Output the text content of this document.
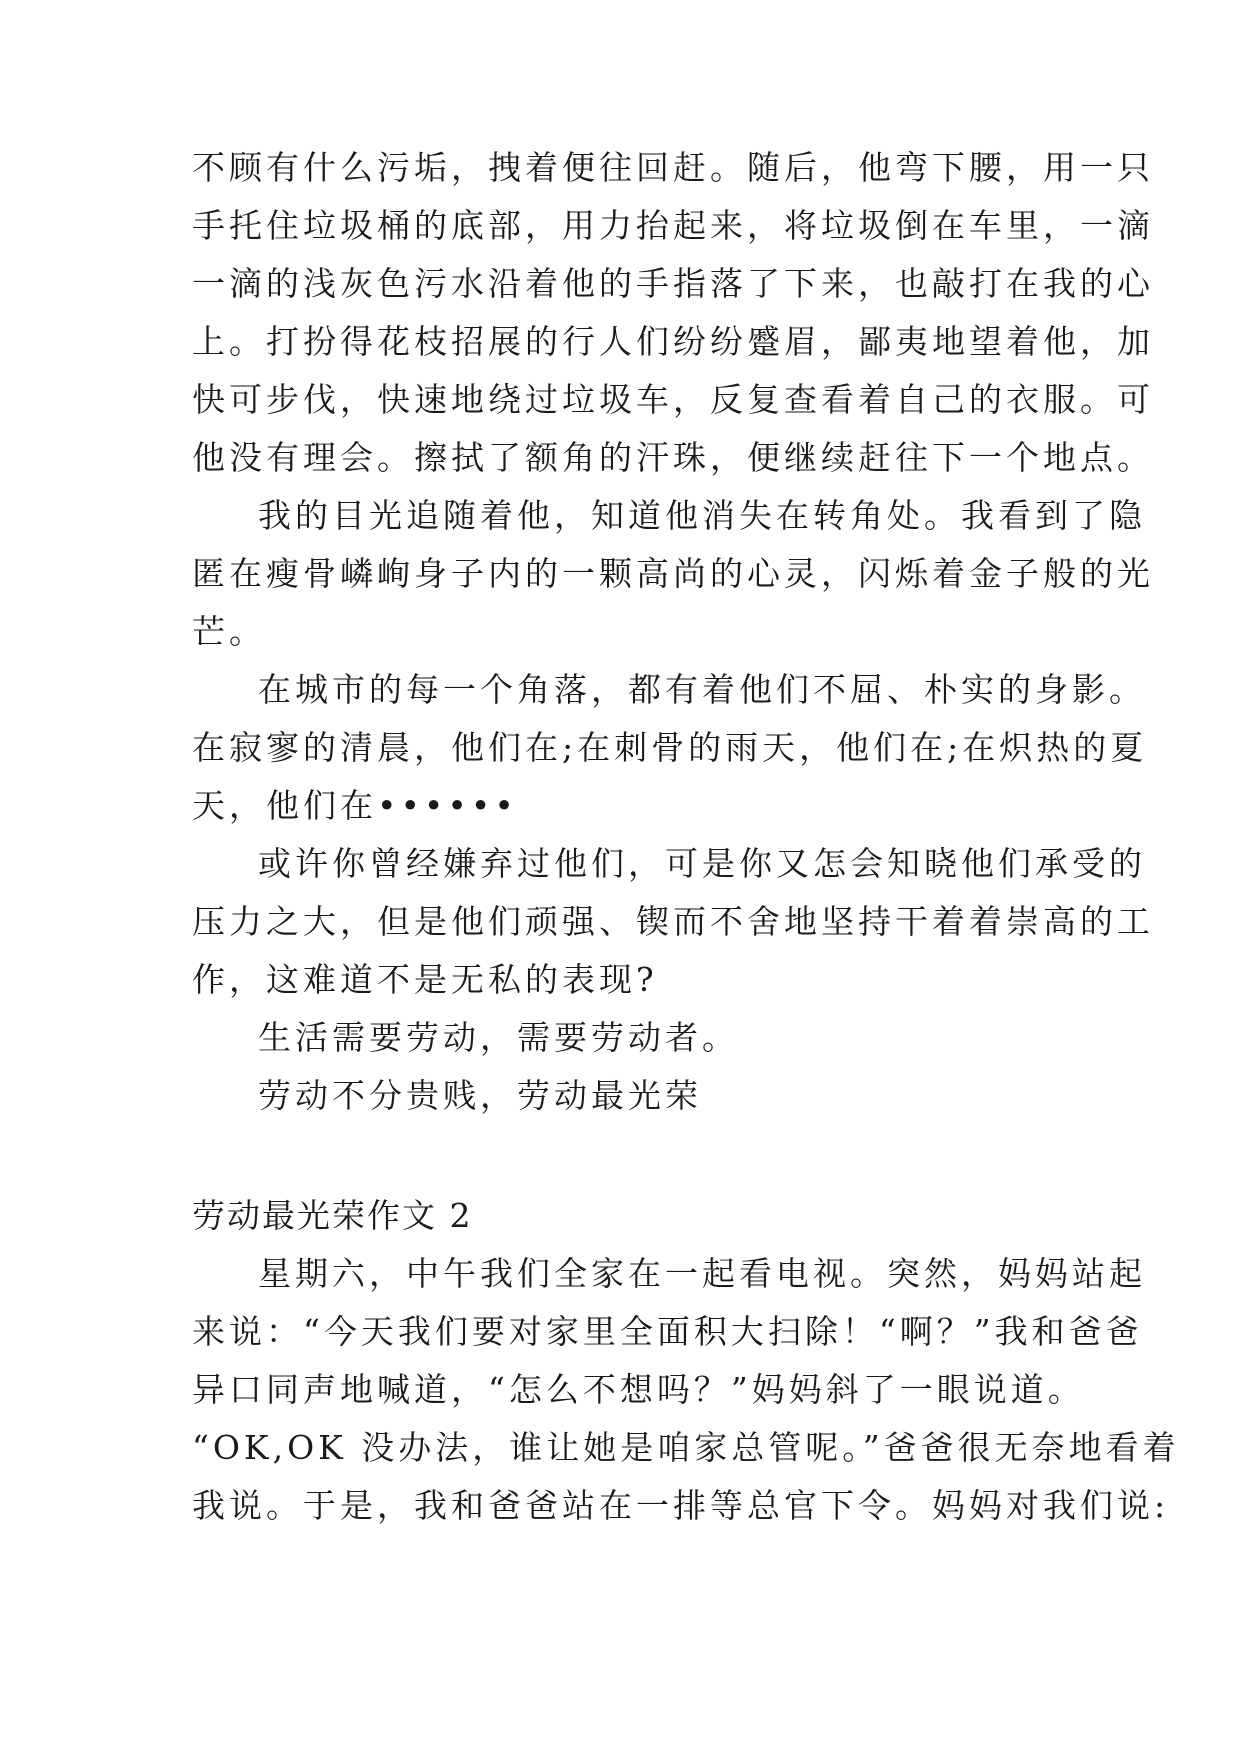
不顾有什么污垢，拽着便往回赶。随后，他弯下腰，用一只
手托住垃圾桶的底部，用力抬起来，将垃圾倒在车里，一滴
一滴的浅灰色污水沿着他的手指落了下来，也敲打在我的心
上。打扮得花枝招展的行人们纷纷蹙眉，鄙夷地望着他，加
快可步伐，快速地绕过垃圾车，反复查看着自己的衣服。可
他没有理会。擦拭了额角的汗珠，便继续赶往下一个地点。
我的目光追随着他，知道他消失在转角处。我看到了隐
匿在瘦骨嶙峋身子内的一颗高尚的心灵，闪烁着金子般的光
芒。
在城市的每一个角落，都有着他们不屈、朴实的身影。
在寂寥的清晨，他们在;在刺骨的雨天，他们在;在炽热的夏
天，他们在••••••
或许你曾经嫌弃过他们，可是你又怎会知晓他们承受的
压力之大，但是他们顽强、锲而不舍地坚持干着着崇高的工
作，这难道不是无私的表现?
生活需要劳动，需要劳动者。
劳动不分贵贱，劳动最光荣
劳动最光荣作文 2
星期六，中午我们全家在一起看电视。突然，妈妈站起
来说：“今天我们要对家里全面积大扫除！“啊？”我和爸爸
异口同声地喊道，“怎么不想吗？”妈妈斜了一眼说道。
“OK,OK 没办法，谁让她是咱家总管呢。”爸爸很无奈地看着
我说。于是，我和爸爸站在一排等总官下令。妈妈对我们说:
